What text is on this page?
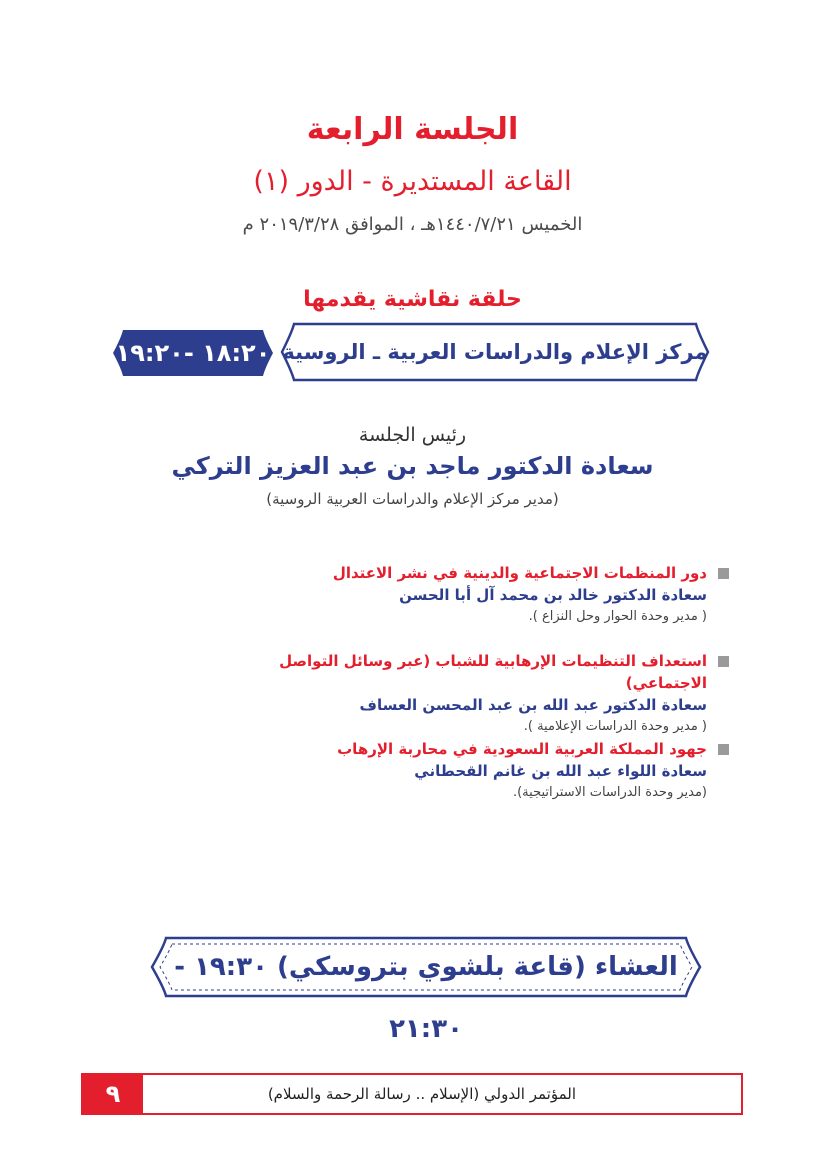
الجلسة الرابعة
القاعة المستديرة - الدور (١)
الخميس ١٤٤٠/٧/٢١هـ ، الموافق ٢٠١٩/٣/٢٨ م
حلقة نقاشية يقدمها
مركز الإعلام والدراسات العربية ـ الروسية
١٨:٢٠ -١٩:٢٠
رئيس الجلسة
سعادة الدكتور ماجد بن عبد العزيز التركي
(مدير مركز الإعلام والدراسات العربية الروسية)
دور المنظمات الاجتماعية والدينية في نشر الاعتدال
سعادة الدكتور خالد بن محمد آل أبا الحسن
( مدير وحدة الحوار وحل النزاع ).
استعداف التنظيمات الإرهابية للشباب (عبر وسائل التواصل الاجتماعي)
سعادة الدكتور عبد الله بن عبد المحسن العساف
( مدير وحدة الدراسات الإعلامية ).
جهود المملكة العربية السعودية في محاربة الإرهاب
سعادة اللواء عبد الله بن غانم القحطاني
(مدير وحدة الدراسات الاستراتيجية).
العشاء (قاعة بلشوي بتروسكي) ١٩:٣٠ - ٢١:٣٠
٩	المؤتمر الدولي (الإسلام .. رسالة الرحمة والسلام)
